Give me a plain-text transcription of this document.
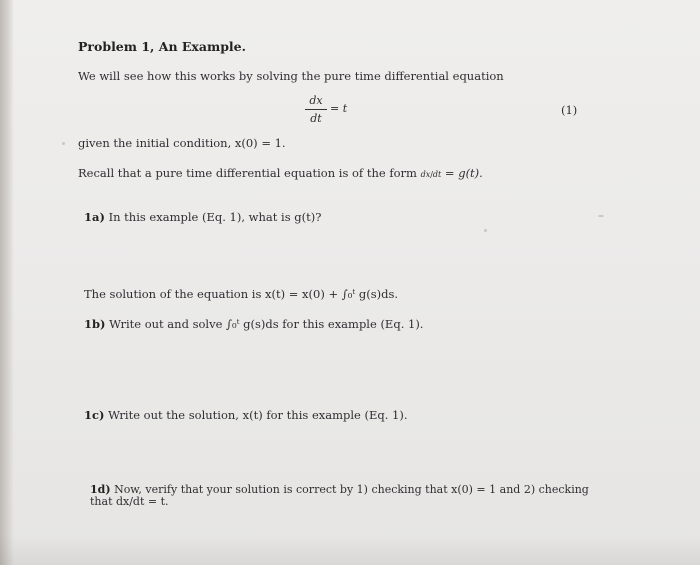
Problem 1, An Example.
We will see how this works by solving the pure time differential equation
dx
dt
= t	(1)
given the initial condition, x(0) = 1.
Recall that a pure time differential equation is of the form dx/dt = g(t).
1a) In this example (Eq. 1), what is g(t)?
The solution of the equation is x(t) = x(0) + ∫₀ᵗ g(s)ds.
1b) Write out and solve ∫₀ᵗ g(s)ds for this example (Eq. 1).
1c) Write out the solution, x(t) for this example (Eq. 1).
1d) Now, verify that your solution is correct by 1) checking that x(0) = 1 and 2) checking
that dx/dt = t.
